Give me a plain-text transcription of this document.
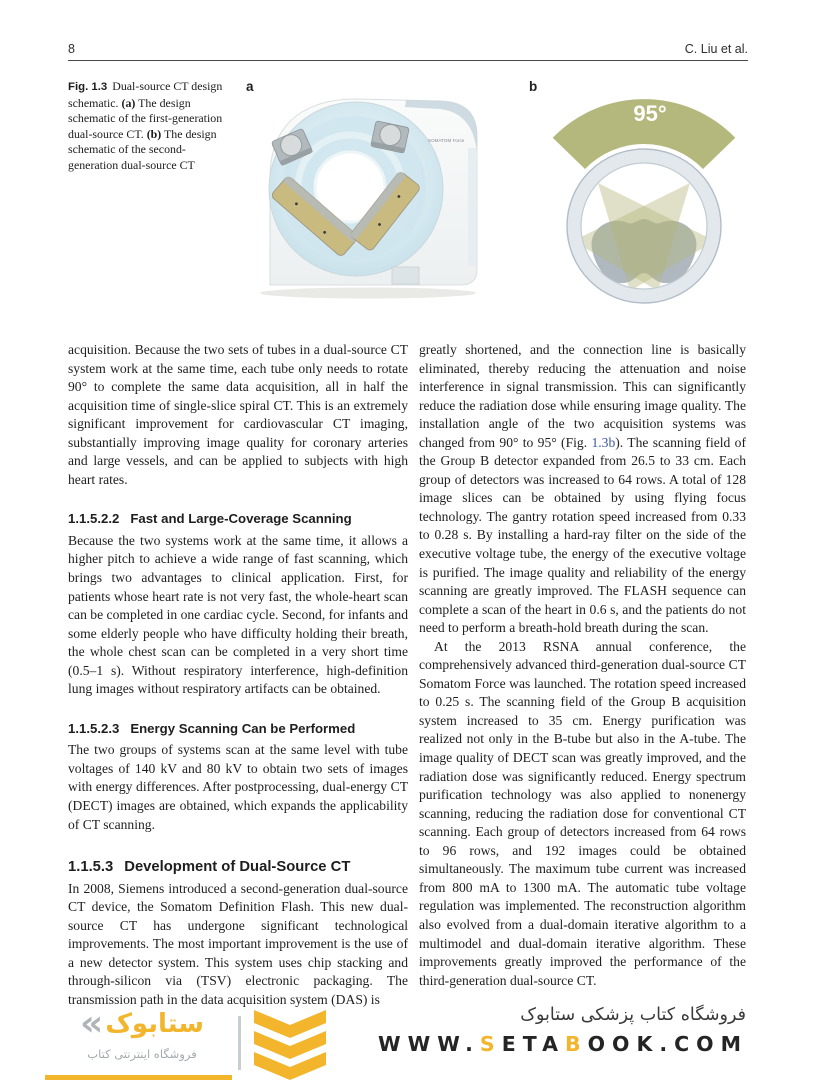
8	C. Liu et al.
Fig. 1.3 Dual-source CT design schematic. (a) The design schematic of the first-generation dual-source CT. (b) The design schematic of the second-generation dual-source CT
a	b
SOMATOM Force
95°

acquisition. Because the two sets of tubes in a dual-source CT system work at the same time, each tube only needs to rotate 90° to complete the same data acquisition, all in half the acquisition time of single-slice spiral CT. This is an extremely significant improvement for cardiovascular CT imaging, substantially improving image quality for coronary arteries and large vessels, and can be applied to subjects with high heart rates.

1.1.5.2.2 Fast and Large-Coverage Scanning

Because the two systems work at the same time, it allows a higher pitch to achieve a wide range of fast scanning, which brings two advantages to clinical application. First, for patients whose heart rate is not very fast, the whole-heart scan can be completed in one cardiac cycle. Second, for infants and some elderly people who have difficulty holding their breath, the whole chest scan can be completed in a very short time (0.5–1 s). Without respiratory interference, high-definition lung images without respiratory artifacts can be obtained.

1.1.5.2.3 Energy Scanning Can be Performed

The two groups of systems scan at the same level with tube voltages of 140 kV and 80 kV to obtain two sets of images with energy differences. After postprocessing, dual-energy CT (DECT) images are obtained, which expands the applicability of CT scanning.

1.1.5.3 Development of Dual-Source CT

In 2008, Siemens introduced a second-generation dual-source CT device, the Somatom Definition Flash. This new dual-source CT has undergone significant technological improvements. The most important improvement is the use of a new detector system. This system uses chip stacking and through-silicon via (TSV) electronic packaging. The transmission path in the data acquisition system (DAS) is

greatly shortened, and the connection line is basically eliminated, thereby reducing the attenuation and noise interference in signal transmission. This can significantly reduce the radiation dose while ensuring image quality. The installation angle of the two acquisition systems was changed from 90° to 95° (Fig. 1.3b). The scanning field of the Group B detector expanded from 26.5 to 33 cm. Each group of detectors was increased to 64 rows. A total of 128 image slices can be obtained by using flying focus technology. The gantry rotation speed increased from 0.33 to 0.28 s. By installing a hard-ray filter on the side of the executive voltage tube, the energy of the executive voltage is purified. The image quality and reliability of the energy scanning are greatly improved. The FLASH sequence can complete a scan of the heart in 0.6 s, and the patients do not need to perform a breath-hold breath during the scan.

At the 2013 RSNA annual conference, the comprehensively advanced third-generation dual-source CT Somatom Force was launched. The rotation speed increased to 0.25 s. The scanning field of the Group B acquisition system increased to 35 cm. Energy purification was realized not only in the B-tube but also in the A-tube. The image quality of DECT scan was greatly improved, and the radiation dose was significantly reduced. Energy spectrum purification technology was also applied to nonenergy scanning, reducing the radiation dose for conventional CT scanning. Each group of detectors increased from 64 rows to 96 rows, and 192 images could be obtained simultaneously. The maximum tube current was increased from 800 mA to 1300 mA. The automatic tube voltage regulation was implemented. The reconstruction algorithm also evolved from a dual-domain iterative algorithm to a multimodel and dual-domain iterative algorithm. These improvements greatly improved the performance of the third-generation dual-source CT.

« ستابوک
فروشگاه اینترنتی کتاب
فروشگاه کتاب پزشکی ستابوک
WWW.SETABOOK.COM
